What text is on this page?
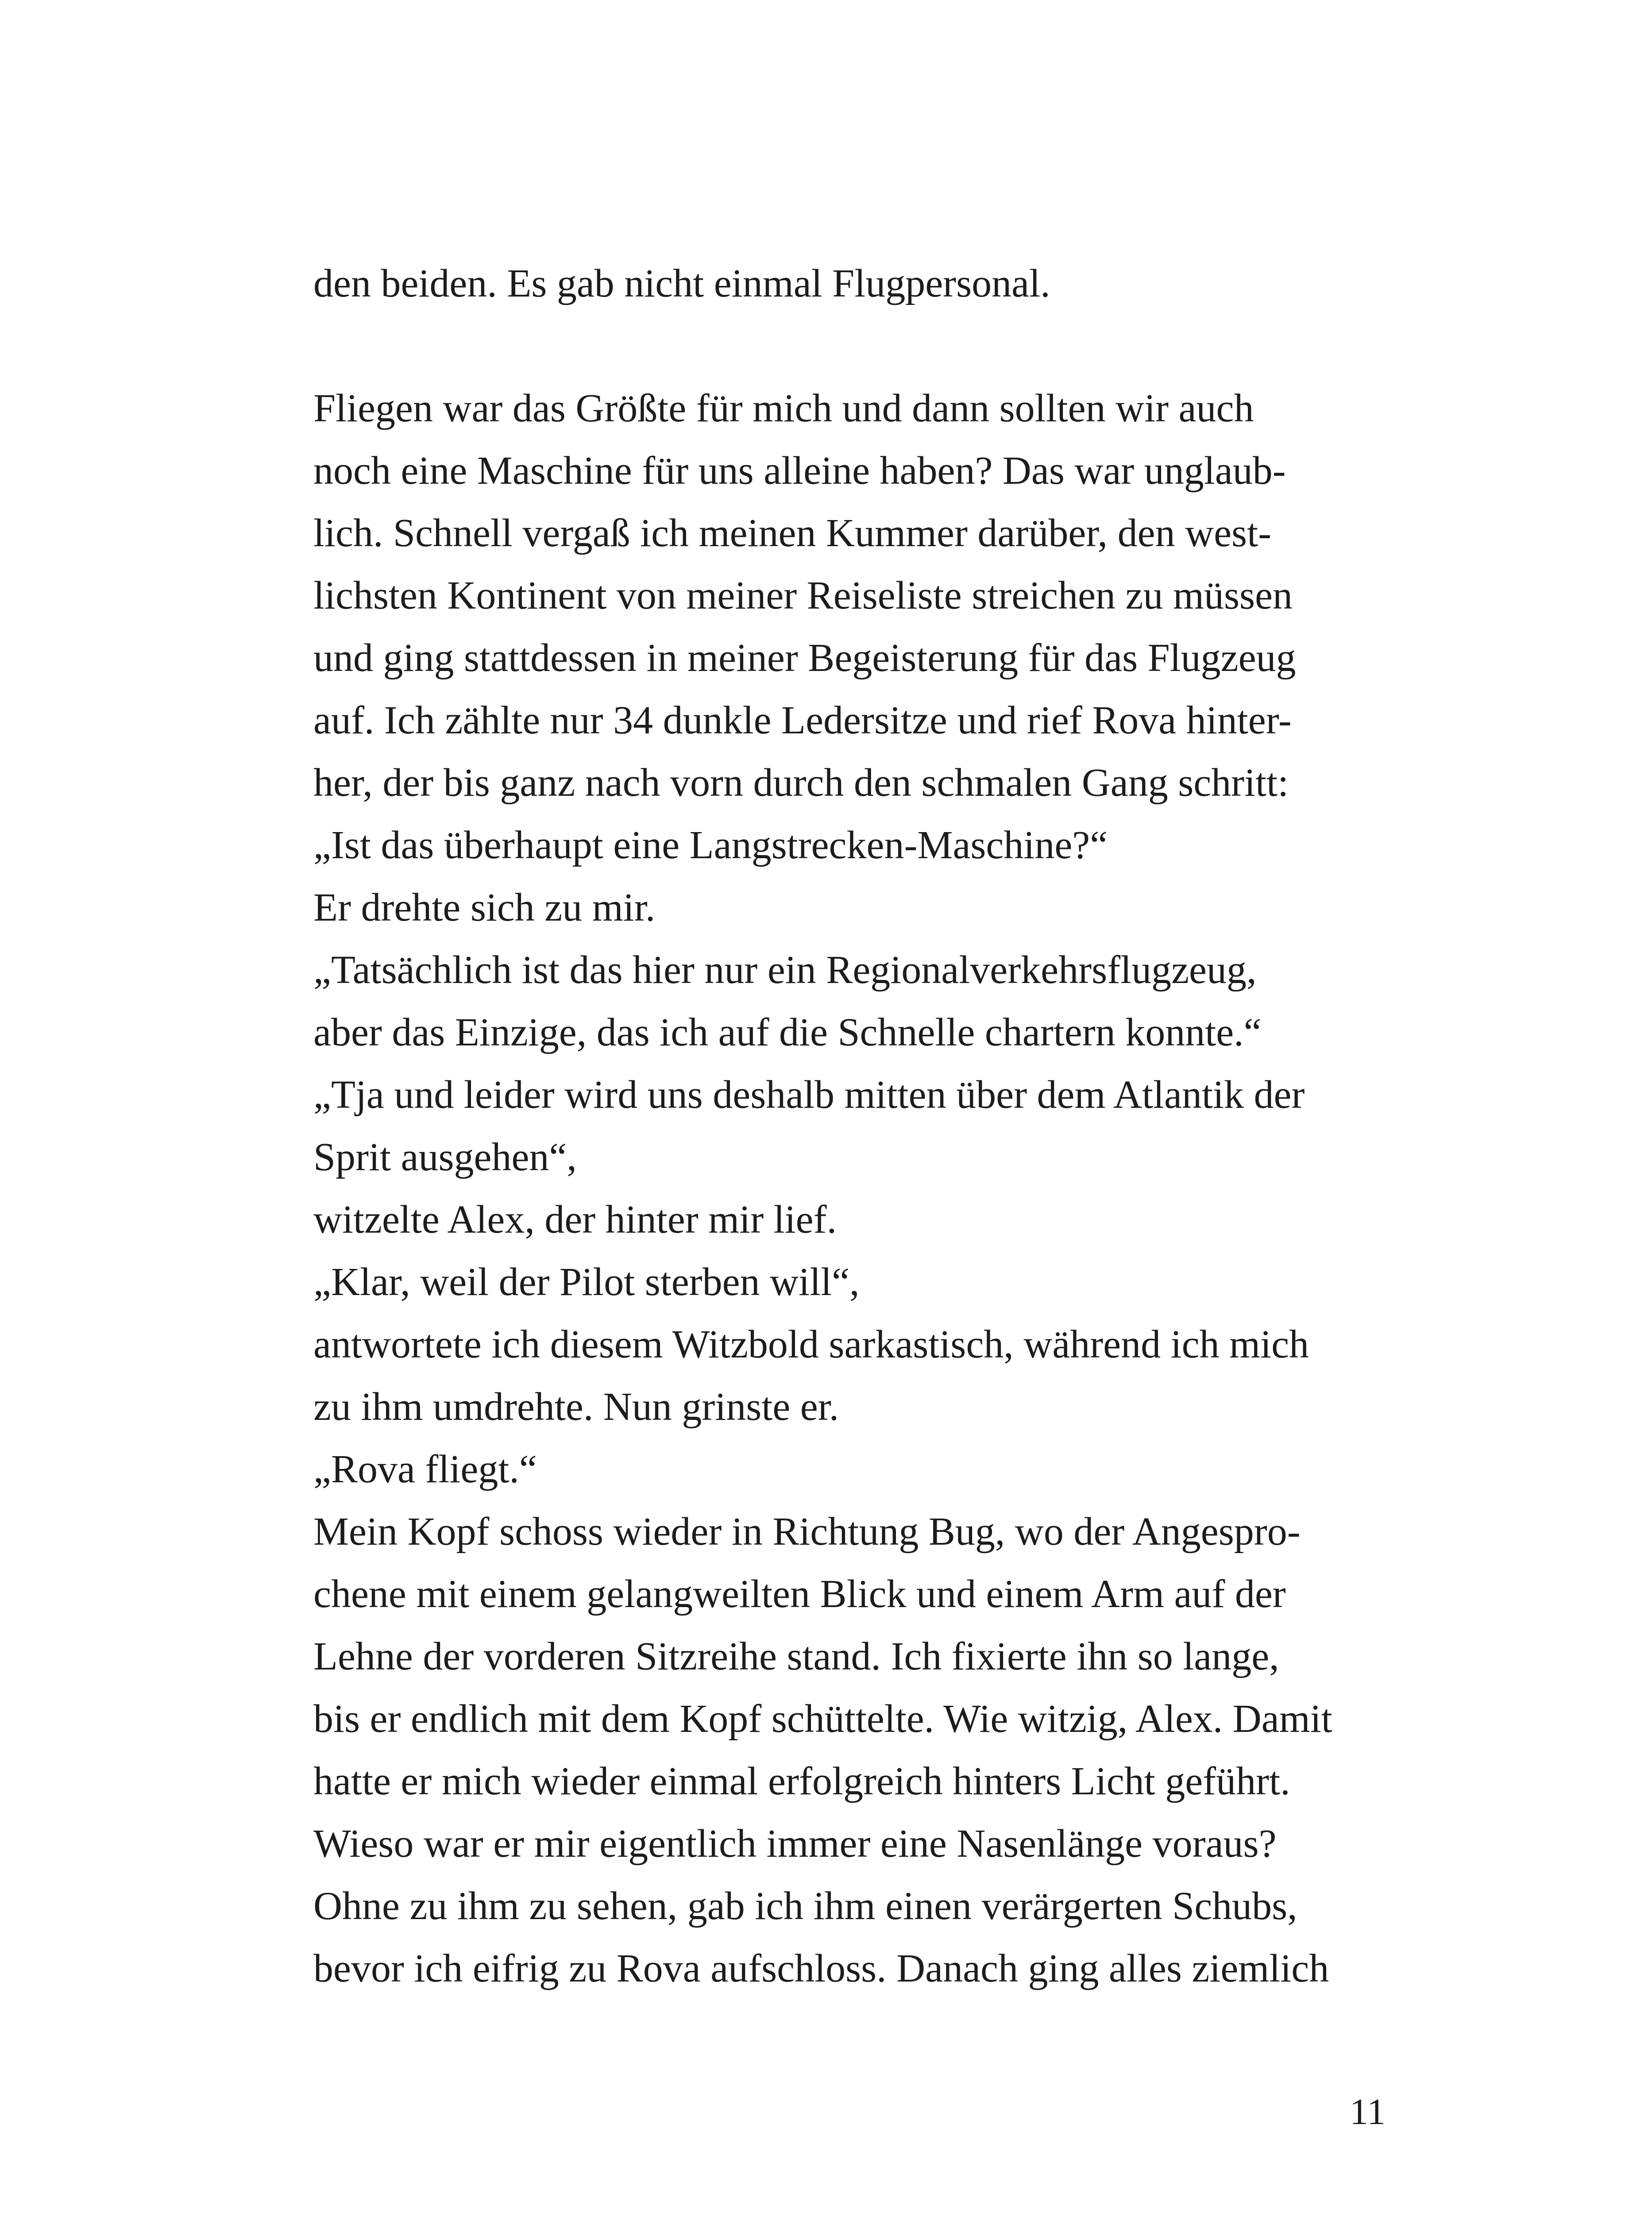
den beiden. Es gab nicht einmal Flugpersonal.
Fliegen war das Größte für mich und dann sollten wir auch
noch eine Maschine für uns alleine haben? Das war unglaub-
lich. Schnell vergaß ich meinen Kummer darüber, den west-
lichsten Kontinent von meiner Reiseliste streichen zu müssen
und ging stattdessen in meiner Begeisterung für das Flugzeug
auf. Ich zählte nur 34 dunkle Ledersitze und rief Rova hinter-
her, der bis ganz nach vorn durch den schmalen Gang schritt:
„Ist das überhaupt eine Langstrecken-Maschine?“
Er drehte sich zu mir.
„Tatsächlich ist das hier nur ein Regionalverkehrsflugzeug,
aber das Einzige, das ich auf die Schnelle chartern konnte.“
„Tja und leider wird uns deshalb mitten über dem Atlantik der
Sprit ausgehen“,
witzelte Alex, der hinter mir lief.
„Klar, weil der Pilot sterben will“,
antwortete ich diesem Witzbold sarkastisch, während ich mich
zu ihm umdrehte. Nun grinste er.
„Rova fliegt.“
Mein Kopf schoss wieder in Richtung Bug, wo der Angespro-
chene mit einem gelangweilten Blick und einem Arm auf der
Lehne der vorderen Sitzreihe stand. Ich fixierte ihn so lange,
bis er endlich mit dem Kopf schüttelte. Wie witzig, Alex. Damit
hatte er mich wieder einmal erfolgreich hinters Licht geführt.
Wieso war er mir eigentlich immer eine Nasenlänge voraus?
Ohne zu ihm zu sehen, gab ich ihm einen verärgerten Schubs,
bevor ich eifrig zu Rova aufschloss. Danach ging alles ziemlich
11
